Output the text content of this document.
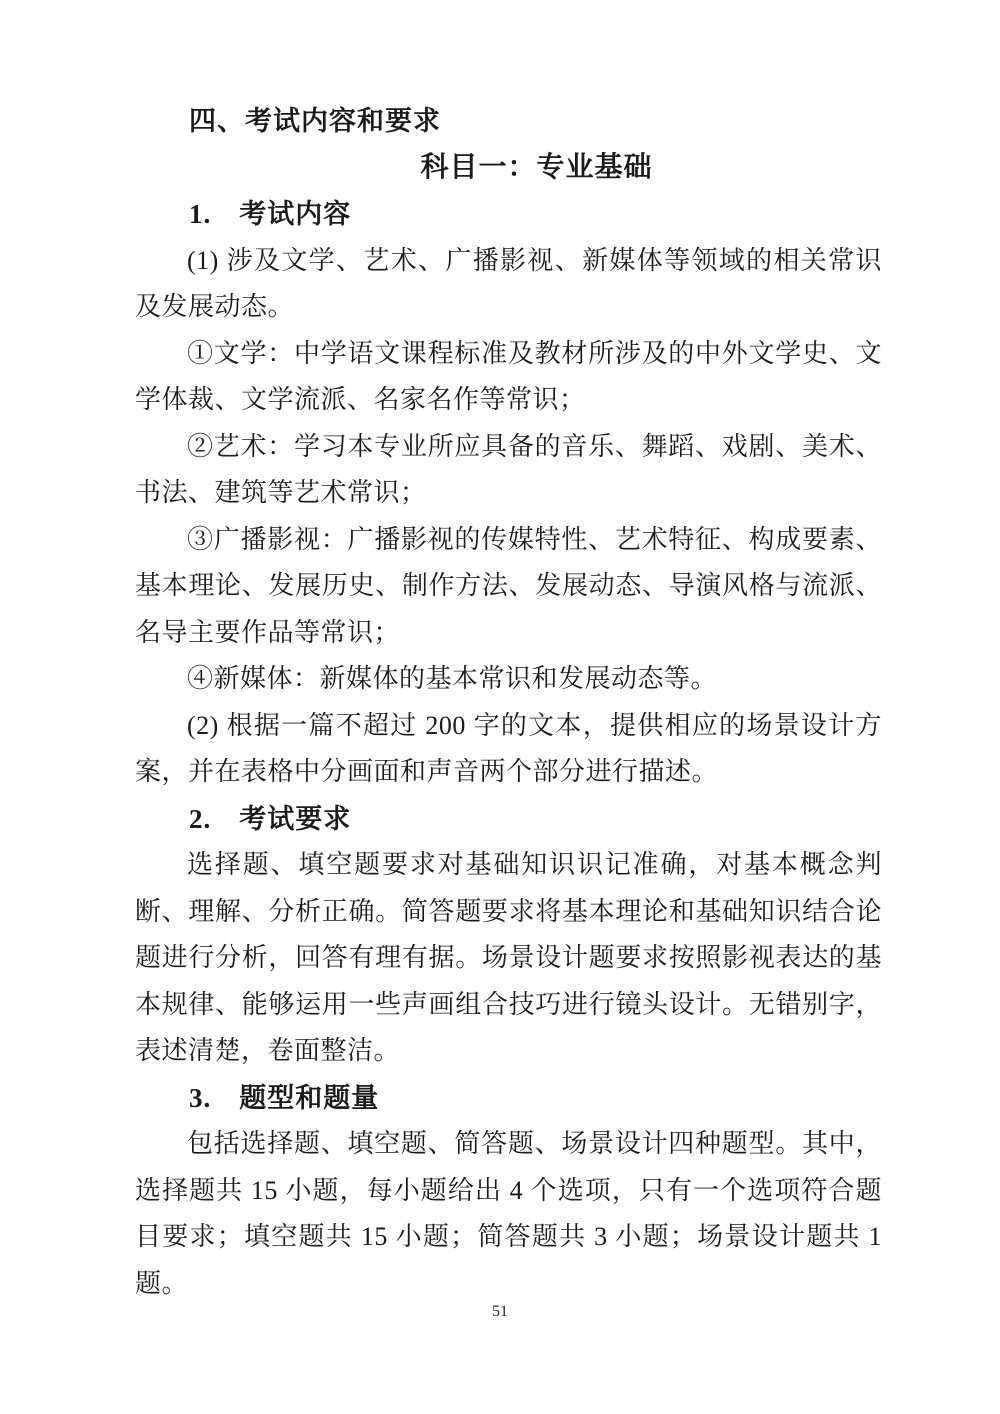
四、考试内容和要求
科目一：专业基础
1.　考试内容

(1) 涉及文学、艺术、广播影视、新媒体等领域的相关常识及发展动态。

①文学：中学语文课程标准及教材所涉及的中外文学史、文学体裁、文学流派、名家名作等常识；

②艺术：学习本专业所应具备的音乐、舞蹈、戏剧、美术、书法、建筑等艺术常识；

③广播影视：广播影视的传媒特性、艺术特征、构成要素、基本理论、发展历史、制作方法、发展动态、导演风格与流派、名导主要作品等常识；

④新媒体：新媒体的基本常识和发展动态等。

(2) 根据一篇不超过 200 字的文本，提供相应的场景设计方案，并在表格中分画面和声音两个部分进行描述。

2.　考试要求

选择题、填空题要求对基础知识识记准确，对基本概念判断、理解、分析正确。简答题要求将基本理论和基础知识结合论题进行分析，回答有理有据。场景设计题要求按照影视表达的基本规律、能够运用一些声画组合技巧进行镜头设计。无错别字，表述清楚，卷面整洁。

3.　题型和题量

包括选择题、填空题、简答题、场景设计四种题型。其中，选择题共 15 小题，每小题给出 4 个选项，只有一个选项符合题目要求；填空题共 15 小题；简答题共 3 小题；场景设计题共 1 题。

51
